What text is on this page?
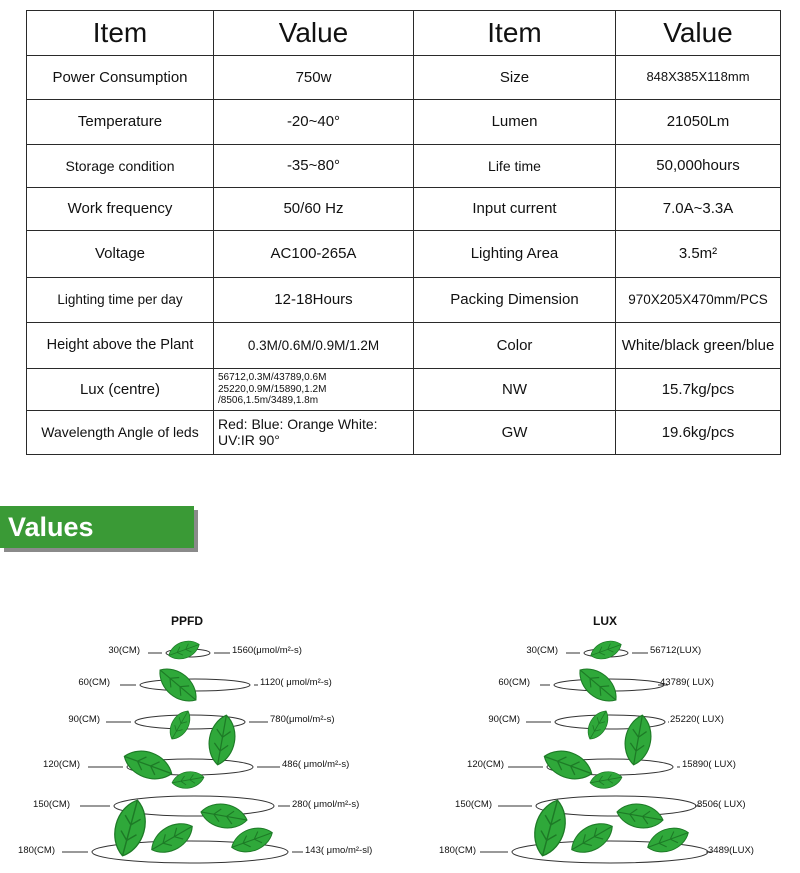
Item	Value	Item	Value
Power Consumption	750w	Size	848X385X118mm
Temperature	-20~40°	Lumen	21050Lm
Storage condition	-35~80°	Life time	50,000hours
Work frequency	50/60 Hz	Input current	7.0A~3.3A
Voltage	AC100-265A	Lighting Area	3.5m²
Lighting time per day	12-18Hours	Packing Dimension	970X205X470mm/PCS
Height above the Plant	0.3M/0.6M/0.9M/1.2M	Color	White/black green/blue
Lux (centre)	56712,0.3M/43789,0.6M 25220,0.9M/15890,1.2M /8506,1.5m/3489,1.8m	NW	15.7kg/pcs
Wavelength Angle of leds	Red: Blue: Orange White: UV:IR 90°	GW	19.6kg/pcs
Values
PPFD
30(CM)
60(CM)
90(CM)
120(CM)
150(CM)
180(CM)
1560(μmol/m²-s)
1120( μmol/m²-s)
780(μmol/m²-s)
486( μmol/m²-s)
280( μmol/m²-s)
143( μmo/m²-sl)
LUX
30(CM)
60(CM)
90(CM)
120(CM)
150(CM)
180(CM)
56712(LUX)
43789( LUX)
25220( LUX)
15890( LUX)
8506( LUX)
3489(LUX)
